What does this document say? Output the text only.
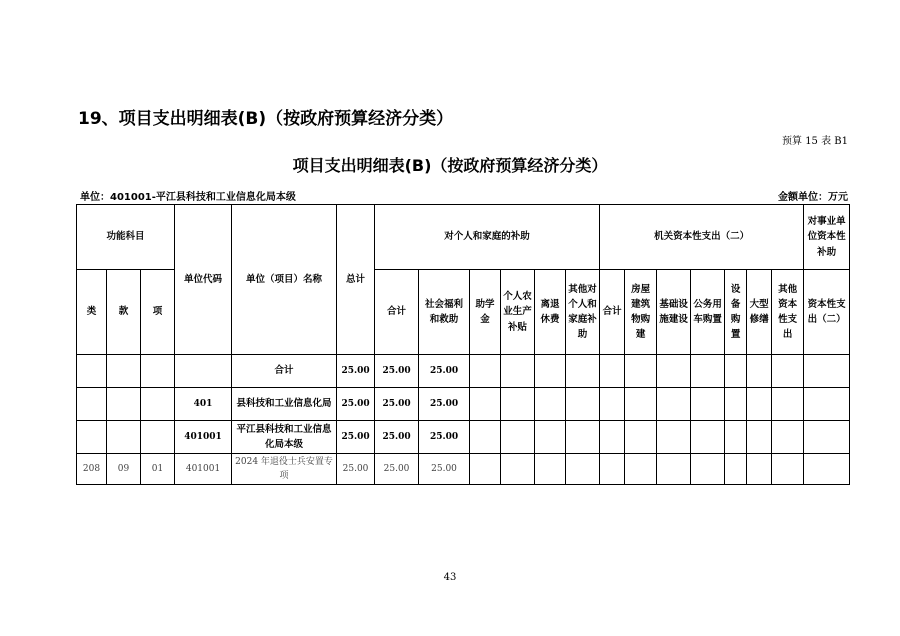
19、项目支出明细表(B)（按政府预算经济分类）
预算 15 表 B1
项目支出明细表(B)（按政府预算经济分类）
单位：401001-平江县科技和工业信息化局本级	金额单位：万元
功能科目			单位代码	单位（项目）名称	总计	对个人和家庭的补助						机关资本性支出（二）							对事业单位资本性补助
类	款	项				合计	社会福利和救助	助学金	个人农业生产补贴	离退休费	其他对个人和家庭补助	合计	房屋建筑物购建	基础设施建设	公务用车购置	设备购置	大型修缮	其他资本性支出	资本性支出（二）
				合计	25.00	25.00	25.00												
			401	县科技和工业信息化局	25.00	25.00	25.00												
			401001	平江县科技和工业信息化局本级	25.00	25.00	25.00												
208	09	01	401001	2024 年退役士兵安置专项	25.00	25.00	25.00												
43
